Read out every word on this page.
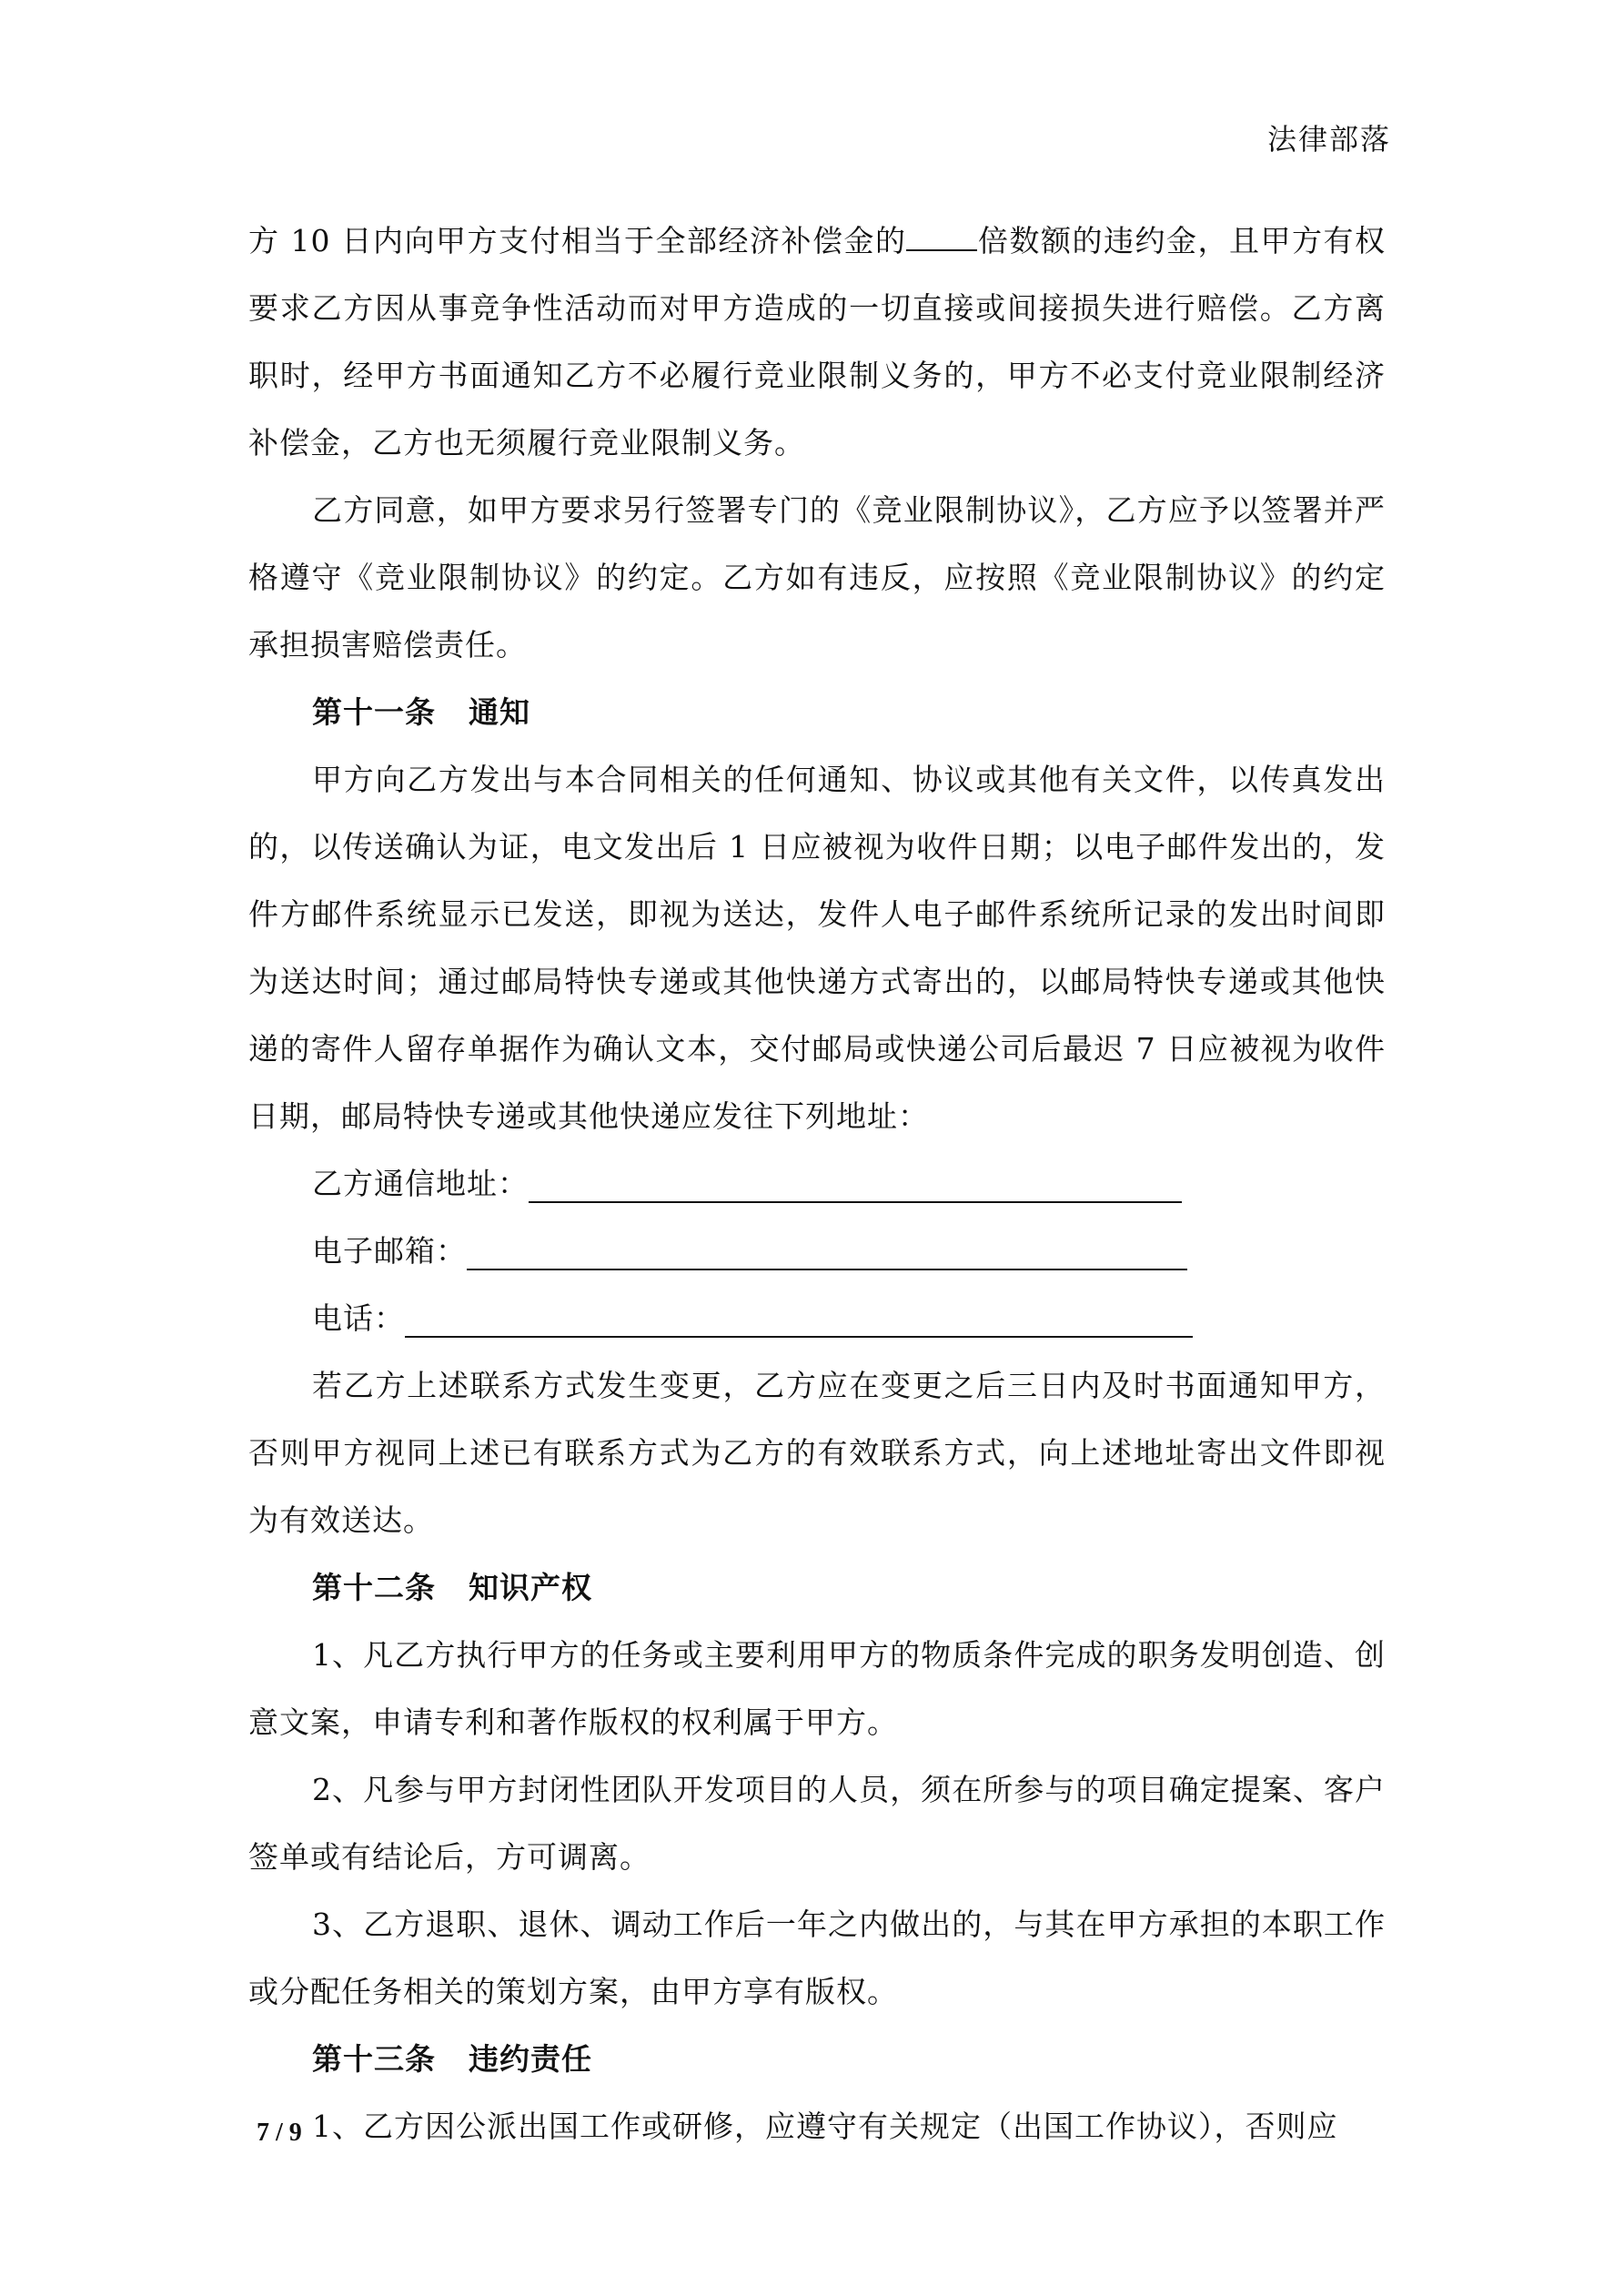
法律部落

方 10 日内向甲方支付相当于全部经济补偿金的 倍数额的违约金，且甲方有权要求乙方因从事竞争性活动而对甲方造成的一切直接或间接损失进行赔偿。乙方离职时，经甲方书面通知乙方不必履行竞业限制义务的，甲方不必支付竞业限制经济补偿金，乙方也无须履行竞业限制义务。

乙方同意，如甲方要求另行签署专门的《竞业限制协议》，乙方应予以签署并严格遵守《竞业限制协议》的约定。乙方如有违反，应按照《竞业限制协议》的约定承担损害赔偿责任。

第十一条 通知

甲方向乙方发出与本合同相关的任何通知、协议或其他有关文件，以传真发出的，以传送确认为证，电文发出后 1 日应被视为收件日期；以电子邮件发出的，发件方邮件系统显示已发送，即视为送达，发件人电子邮件系统所记录的发出时间即为送达时间；通过邮局特快专递或其他快递方式寄出的，以邮局特快专递或其他快递的寄件人留存单据作为确认文本，交付邮局或快递公司后最迟 7 日应被视为收件日期，邮局特快专递或其他快递应发往下列地址：

乙方通信地址：

电子邮箱：

电话：

若乙方上述联系方式发生变更，乙方应在变更之后三日内及时书面通知甲方，否则甲方视同上述已有联系方式为乙方的有效联系方式，向上述地址寄出文件即视为有效送达。

第十二条 知识产权

1、凡乙方执行甲方的任务或主要利用甲方的物质条件完成的职务发明创造、创意文案，申请专利和著作版权的权利属于甲方。

2、凡参与甲方封闭性团队开发项目的人员，须在所参与的项目确定提案、客户签单或有结论后，方可调离。

3、乙方退职、退休、调动工作后一年之内做出的，与其在甲方承担的本职工作或分配任务相关的策划方案，由甲方享有版权。

第十三条 违约责任

1、乙方因公派出国工作或研修，应遵守有关规定（出国工作协议），否则应

7 / 9
